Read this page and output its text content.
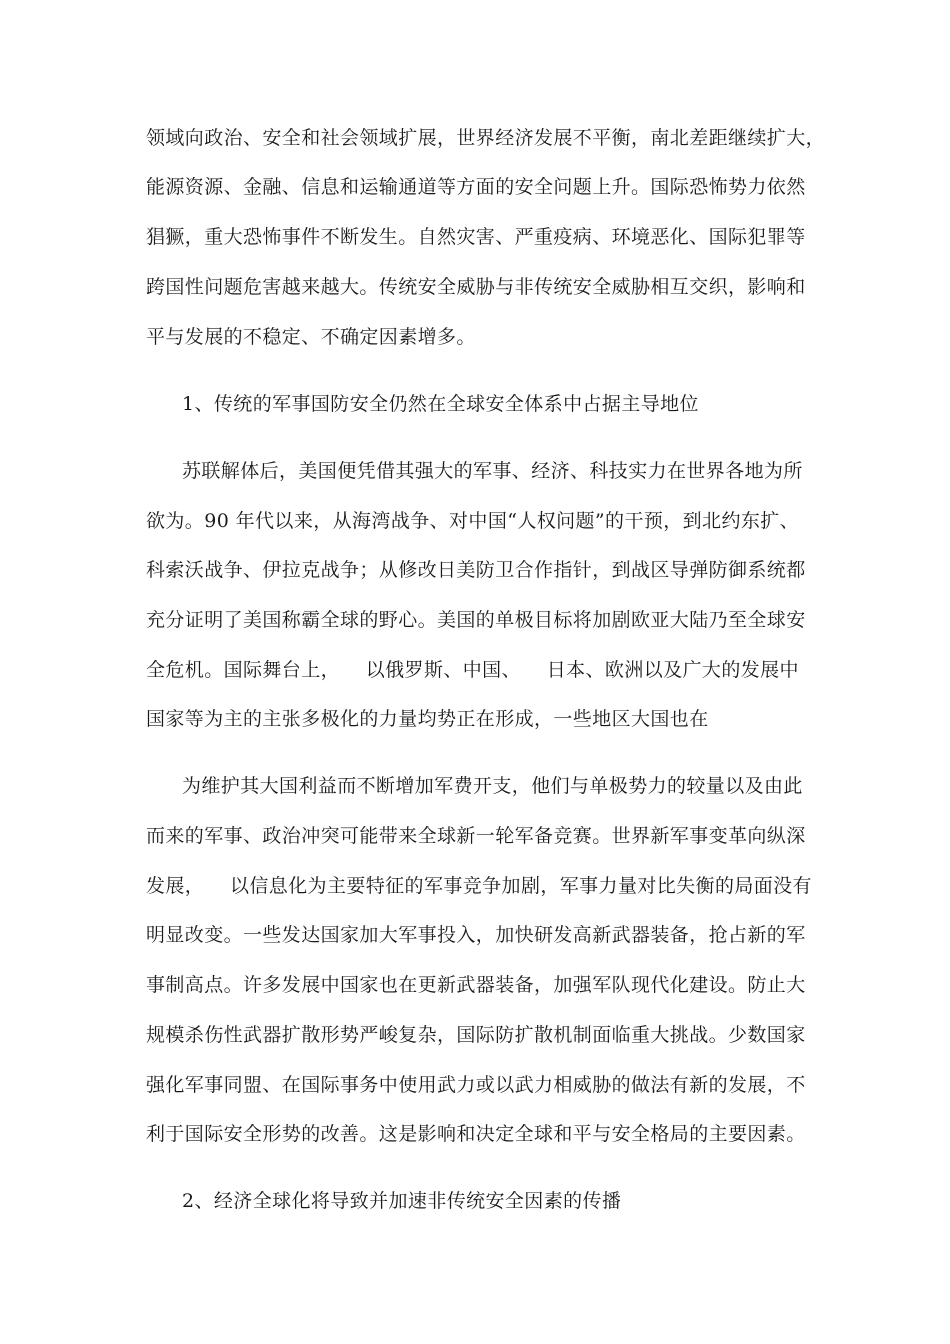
领域向政治、安全和社会领域扩展，世界经济发展不平衡，南北差距继续扩大，
能源资源、金融、信息和运输通道等方面的安全问题上升。国际恐怖势力依然
猖獗，重大恐怖事件不断发生。自然灾害、严重疫病、环境恶化、国际犯罪等
跨国性问题危害越来越大。传统安全威胁与非传统安全威胁相互交织，影响和
平与发展的不稳定、不确定因素增多。
1、传统的军事国防安全仍然在全球安全体系中占据主导地位
苏联解体后，美国便凭借其强大的军事、经济、科技实力在世界各地为所
欲为。90 年代以来，从海湾战争、对中国“人权问题”的干预，到北约东扩、
科索沃战争、伊拉克战争；从修改日美防卫合作指针，到战区导弹防御系统都
充分证明了美国称霸全球的野心。美国的单极目标将加剧欧亚大陆乃至全球安
全危机。国际舞台上，    以俄罗斯、中国、    日本、欧洲以及广大的发展中
国家等为主的主张多极化的力量均势正在形成，一些地区大国也在
为维护其大国利益而不断增加军费开支，他们与单极势力的较量以及由此
而来的军事、政治冲突可能带来全球新一轮军备竞赛。世界新军事变革向纵深
发展，    以信息化为主要特征的军事竞争加剧，军事力量对比失衡的局面没有
明显改变。一些发达国家加大军事投入，加快研发高新武器装备，抢占新的军
事制高点。许多发展中国家也在更新武器装备，加强军队现代化建设。防止大
规模杀伤性武器扩散形势严峻复杂，国际防扩散机制面临重大挑战。少数国家
强化军事同盟、在国际事务中使用武力或以武力相威胁的做法有新的发展，不
利于国际安全形势的改善。这是影响和决定全球和平与安全格局的主要因素。
2、经济全球化将导致并加速非传统安全因素的传播
